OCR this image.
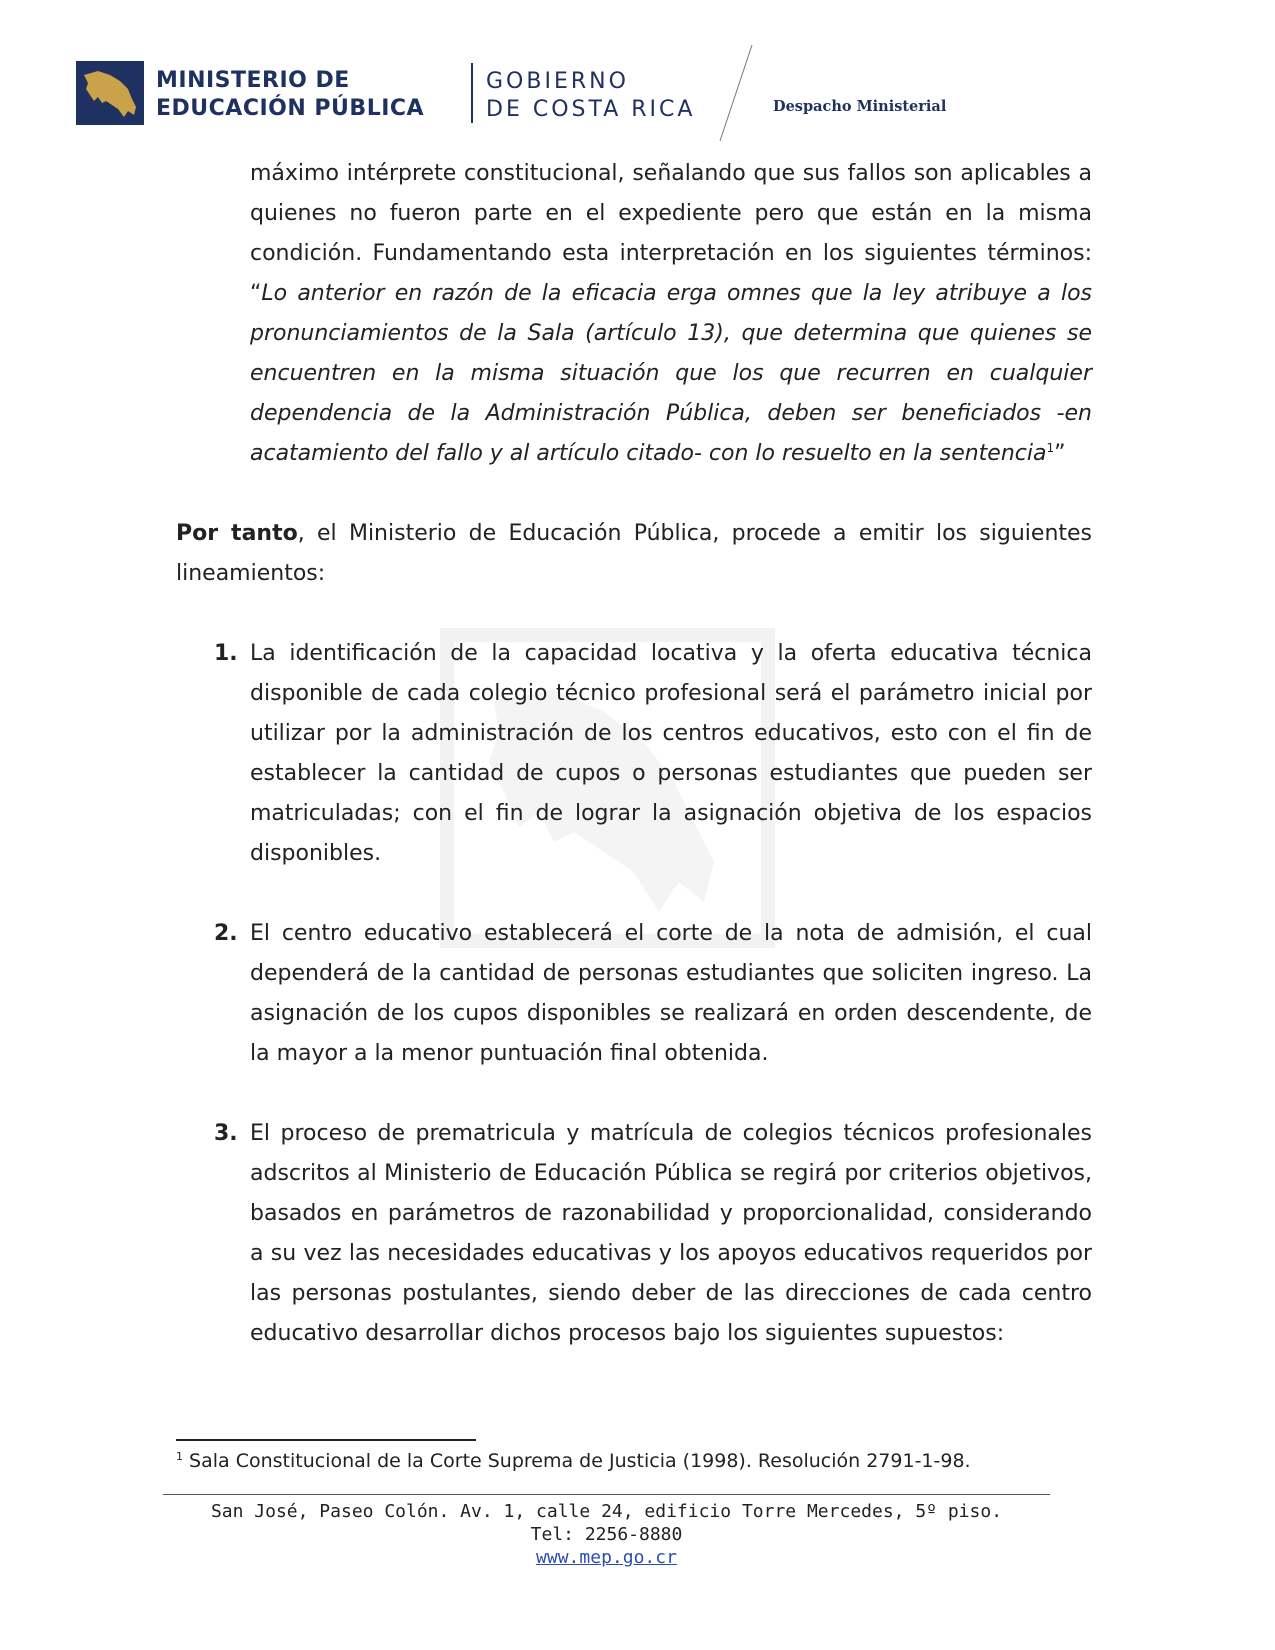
MINISTERIO DE
EDUCACIÓN PÚBLICA
GOBIERNO
DE COSTA RICA	Despacho Ministerial
máximo intérprete constitucional, señalando que sus fallos son aplicables a quienes no fueron parte en el expediente pero que están en la misma condición. Fundamentando esta interpretación en los siguientes términos: “Lo anterior en razón de la eficacia erga omnes que la ley atribuye a los pronunciamientos de la Sala (artículo 13), que determina que quienes se encuentren en la misma situación que los que recurren en cualquier dependencia de la Administración Pública, deben ser beneficiados -en acatamiento del fallo y al artículo citado- con lo resuelto en la sentencia$^1$”
Por tanto, el Ministerio de Educación Pública, procede a emitir los siguientes lineamientos:
1. La identificación de la capacidad locativa y la oferta educativa técnica disponible de cada colegio técnico profesional será el parámetro inicial por utilizar por la administración de los centros educativos, esto con el fin de establecer la cantidad de cupos o personas estudiantes que pueden ser matriculadas; con el fin de lograr la asignación objetiva de los espacios disponibles.
2. El centro educativo establecerá el corte de la nota de admisión, el cual dependerá de la cantidad de personas estudiantes que soliciten ingreso. La asignación de los cupos disponibles se realizará en orden descendente, de la mayor a la menor puntuación final obtenida.
3. El proceso de prematricula y matrícula de colegios técnicos profesionales adscritos al Ministerio de Educación Pública se regirá por criterios objetivos, basados en parámetros de razonabilidad y proporcionalidad, considerando a su vez las necesidades educativas y los apoyos educativos requeridos por las personas postulantes, siendo deber de las direcciones de cada centro educativo desarrollar dichos procesos bajo los siguientes supuestos:
$^1$ Sala Constitucional de la Corte Suprema de Justicia (1998). Resolución 2791-1-98.
San José, Paseo Colón. Av. 1, calle 24, edificio Torre Mercedes, 5º piso.
Tel: 2256-8880
www.mep.go.cr
